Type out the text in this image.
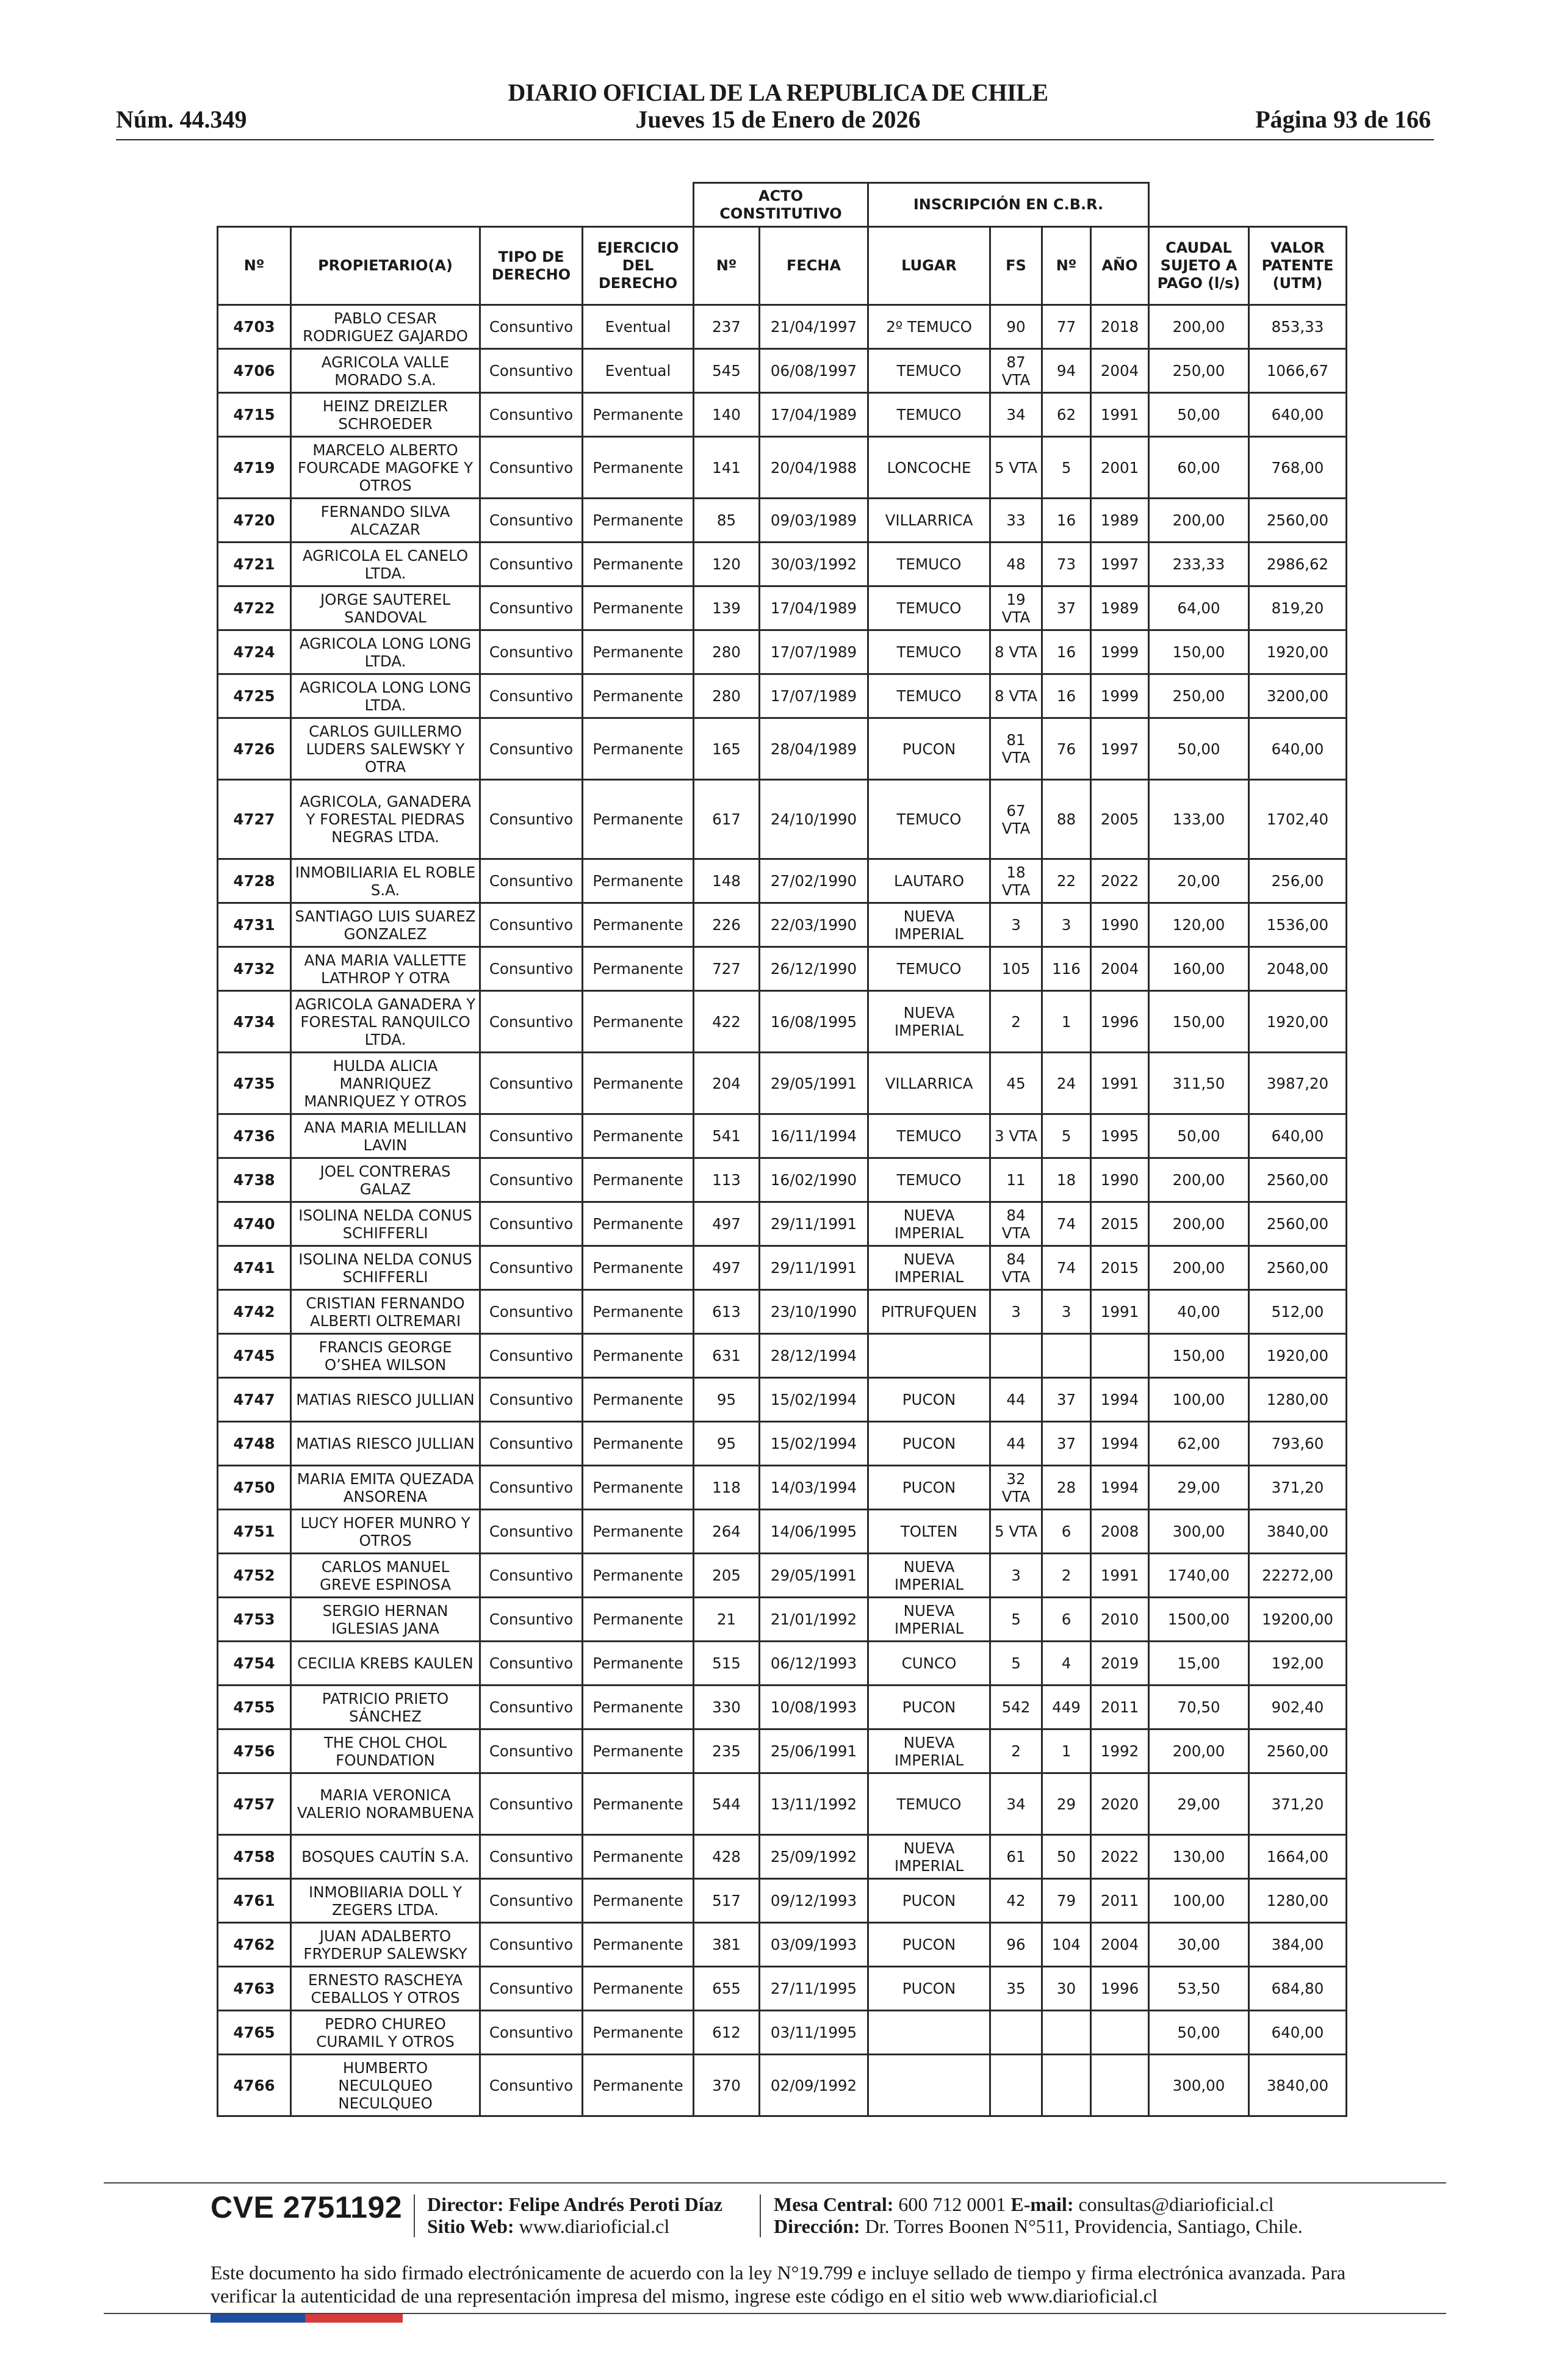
DIARIO OFICIAL DE LA REPUBLICA DE CHILE
Núm. 44.349	Jueves 15 de Enero de 2026	Página 93 de 166
				ACTO CONSTITUTIVO		INSCRIPCIÓN EN C.B.R.					
Nº	PROPIETARIO(A)	TIPO DE DERECHO	EJERCICIO DEL DERECHO	Nº	FECHA	LUGAR	FS	Nº	AÑO	CAUDAL SUJETO A PAGO (l/s)	VALOR PATENTE (UTM)
4703	PABLO CESAR RODRIGUEZ GAJARDO	Consuntivo	Eventual	237	21/04/1997	2º TEMUCO	90	77	2018	200,00	853,33
4706	AGRICOLA VALLE MORADO S.A.	Consuntivo	Eventual	545	06/08/1997	TEMUCO	87 VTA	94	2004	250,00	1066,67
4715	HEINZ DREIZLER SCHROEDER	Consuntivo	Permanente	140	17/04/1989	TEMUCO	34	62	1991	50,00	640,00
4719	MARCELO ALBERTO FOURCADE MAGOFKE Y OTROS	Consuntivo	Permanente	141	20/04/1988	LONCOCHE	5 VTA	5	2001	60,00	768,00
4720	FERNANDO SILVA ALCAZAR	Consuntivo	Permanente	85	09/03/1989	VILLARRICA	33	16	1989	200,00	2560,00
4721	AGRICOLA EL CANELO LTDA.	Consuntivo	Permanente	120	30/03/1992	TEMUCO	48	73	1997	233,33	2986,62
4722	JORGE SAUTEREL SANDOVAL	Consuntivo	Permanente	139	17/04/1989	TEMUCO	19 VTA	37	1989	64,00	819,20
4724	AGRICOLA LONG LONG LTDA.	Consuntivo	Permanente	280	17/07/1989	TEMUCO	8 VTA	16	1999	150,00	1920,00
4725	AGRICOLA LONG LONG LTDA.	Consuntivo	Permanente	280	17/07/1989	TEMUCO	8 VTA	16	1999	250,00	3200,00
4726	CARLOS GUILLERMO LUDERS SALEWSKY Y OTRA	Consuntivo	Permanente	165	28/04/1989	PUCON	81 VTA	76	1997	50,00	640,00
4727	AGRICOLA, GANADERA Y FORESTAL PIEDRAS NEGRAS LTDA.	Consuntivo	Permanente	617	24/10/1990	TEMUCO	67 VTA	88	2005	133,00	1702,40
4728	INMOBILIARIA EL ROBLE S.A.	Consuntivo	Permanente	148	27/02/1990	LAUTARO	18 VTA	22	2022	20,00	256,00
4731	SANTIAGO LUIS SUAREZ GONZALEZ	Consuntivo	Permanente	226	22/03/1990	NUEVA IMPERIAL	3	3	1990	120,00	1536,00
4732	ANA MARIA VALLETTE LATHROP Y OTRA	Consuntivo	Permanente	727	26/12/1990	TEMUCO	105	116	2004	160,00	2048,00
4734	AGRICOLA GANADERA Y FORESTAL RANQUILCO LTDA.	Consuntivo	Permanente	422	16/08/1995	NUEVA IMPERIAL	2	1	1996	150,00	1920,00
4735	HULDA ALICIA MANRIQUEZ MANRIQUEZ Y OTROS	Consuntivo	Permanente	204	29/05/1991	VILLARRICA	45	24	1991	311,50	3987,20
4736	ANA MARIA MELILLAN LAVIN	Consuntivo	Permanente	541	16/11/1994	TEMUCO	3 VTA	5	1995	50,00	640,00
4738	JOEL CONTRERAS GALAZ	Consuntivo	Permanente	113	16/02/1990	TEMUCO	11	18	1990	200,00	2560,00
4740	ISOLINA NELDA CONUS SCHIFFERLI	Consuntivo	Permanente	497	29/11/1991	NUEVA IMPERIAL	84 VTA	74	2015	200,00	2560,00
4741	ISOLINA NELDA CONUS SCHIFFERLI	Consuntivo	Permanente	497	29/11/1991	NUEVA IMPERIAL	84 VTA	74	2015	200,00	2560,00
4742	CRISTIAN FERNANDO ALBERTI OLTREMARI	Consuntivo	Permanente	613	23/10/1990	PITRUFQUEN	3	3	1991	40,00	512,00
4745	FRANCIS GEORGE O’SHEA WILSON	Consuntivo	Permanente	631	28/12/1994					150,00	1920,00
4747	MATIAS RIESCO JULLIAN	Consuntivo	Permanente	95	15/02/1994	PUCON	44	37	1994	100,00	1280,00
4748	MATIAS RIESCO JULLIAN	Consuntivo	Permanente	95	15/02/1994	PUCON	44	37	1994	62,00	793,60
4750	MARIA EMITA QUEZADA ANSORENA	Consuntivo	Permanente	118	14/03/1994	PUCON	32 VTA	28	1994	29,00	371,20
4751	LUCY HOFER MUNRO Y OTROS	Consuntivo	Permanente	264	14/06/1995	TOLTEN	5 VTA	6	2008	300,00	3840,00
4752	CARLOS MANUEL GREVE ESPINOSA	Consuntivo	Permanente	205	29/05/1991	NUEVA IMPERIAL	3	2	1991	1740,00	22272,00
4753	SERGIO HERNAN IGLESIAS JANA	Consuntivo	Permanente	21	21/01/1992	NUEVA IMPERIAL	5	6	2010	1500,00	19200,00
4754	CECILIA KREBS KAULEN	Consuntivo	Permanente	515	06/12/1993	CUNCO	5	4	2019	15,00	192,00
4755	PATRICIO PRIETO SÁNCHEZ	Consuntivo	Permanente	330	10/08/1993	PUCON	542	449	2011	70,50	902,40
4756	THE CHOL CHOL FOUNDATION	Consuntivo	Permanente	235	25/06/1991	NUEVA IMPERIAL	2	1	1992	200,00	2560,00
4757	MARIA VERONICA VALERIO NORAMBUENA	Consuntivo	Permanente	544	13/11/1992	TEMUCO	34	29	2020	29,00	371,20
4758	BOSQUES CAUTÍN S.A.	Consuntivo	Permanente	428	25/09/1992	NUEVA IMPERIAL	61	50	2022	130,00	1664,00
4761	INMOBIIARIA DOLL Y ZEGERS LTDA.	Consuntivo	Permanente	517	09/12/1993	PUCON	42	79	2011	100,00	1280,00
4762	JUAN ADALBERTO FRYDERUP SALEWSKY	Consuntivo	Permanente	381	03/09/1993	PUCON	96	104	2004	30,00	384,00
4763	ERNESTO RASCHEYA CEBALLOS Y OTROS	Consuntivo	Permanente	655	27/11/1995	PUCON	35	30	1996	53,50	684,80
4765	PEDRO CHUREO CURAMIL Y OTROS	Consuntivo	Permanente	612	03/11/1995					50,00	640,00
4766	HUMBERTO NECULQUEO NECULQUEO	Consuntivo	Permanente	370	02/09/1992					300,00	3840,00
CVE 2751192 Director: Felipe Andrés Peroti Díaz
Sitio Web: www.diarioficial.cl
Mesa Central: 600 712 0001 E-mail: consultas@diarioficial.cl
Dirección: Dr. Torres Boonen N°511, Providencia, Santiago, Chile.
Este documento ha sido firmado electrónicamente de acuerdo con la ley N°19.799 e incluye sellado de tiempo y firma electrónica avanzada. Para verificar la autenticidad de una representación impresa del mismo, ingrese este código en el sitio web www.diarioficial.cl
